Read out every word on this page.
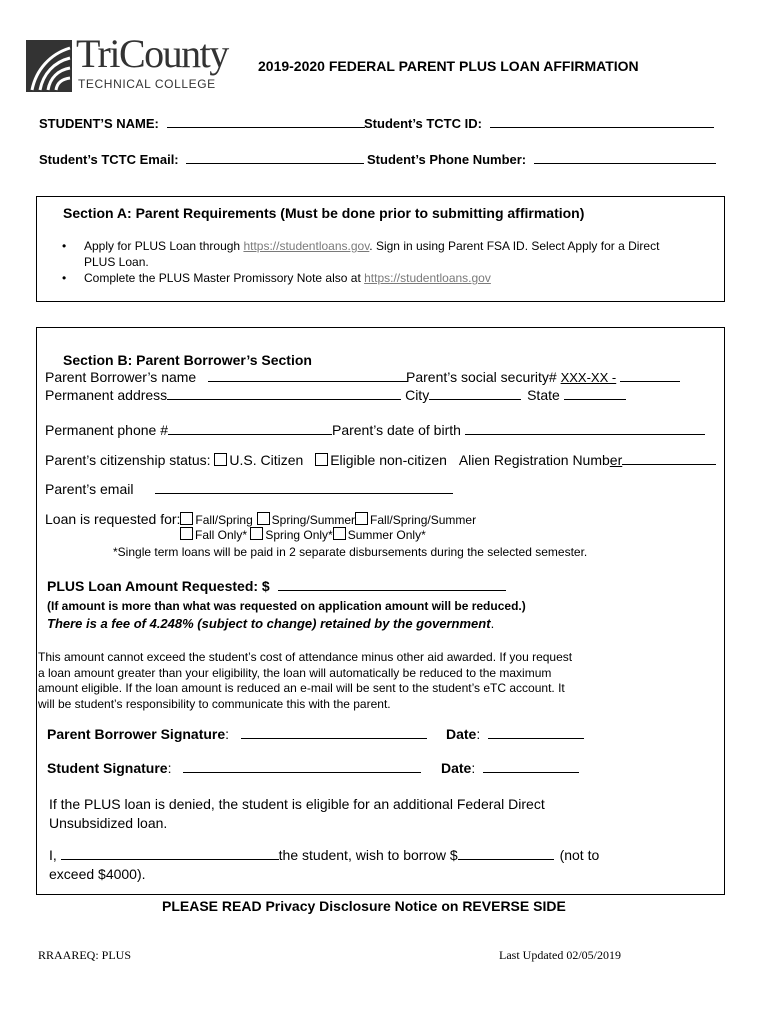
TriCounty
TECHNICAL COLLEGE
2019-2020 FEDERAL PARENT PLUS LOAN AFFIRMATION
STUDENT’S NAME:	Student’s TCTC ID:
Student’s TCTC Email:	Student’s Phone Number:
Section A: Parent Requirements (Must be done prior to submitting affirmation)
• Apply for PLUS Loan through https://studentloans.gov. Sign in using Parent FSA ID. Select Apply for a Direct
PLUS Loan.
• Complete the PLUS Master Promissory Note also at https://studentloans.gov
Section B: Parent Borrower’s Section
Parent Borrower’s name	Parent’s social security# XXX-XX -
Permanent address	City	State
Permanent phone #	Parent’s date of birth
Parent’s citizenship status: U.S. Citizen Eligible non-citizen Alien Registration Number
Parent’s email
Loan is requested for: Fall/Spring Spring/Summer Fall/Spring/Summer
Fall Only* Spring Only* Summer Only*
*Single term loans will be paid in 2 separate disbursements during the selected semester.
PLUS Loan Amount Requested: $
(If amount is more than what was requested on application amount will be reduced.)
There is a fee of 4.248% (subject to change) retained by the government.
This amount cannot exceed the student’s cost of attendance minus other aid awarded. If you request
a loan amount greater than your eligibility, the loan will automatically be reduced to the maximum
amount eligible. If the loan amount is reduced an e-mail will be sent to the student’s eTC account. It
will be student’s responsibility to communicate this with the parent.
Parent Borrower Signature:	Date:
Student Signature:	Date:
If the PLUS loan is denied, the student is eligible for an additional Federal Direct
Unsubsidized loan.
I,	the student, wish to borrow $	(not to
exceed $4000).
PLEASE READ Privacy Disclosure Notice on REVERSE SIDE
RRAAREQ: PLUS	Last Updated 02/05/2019
